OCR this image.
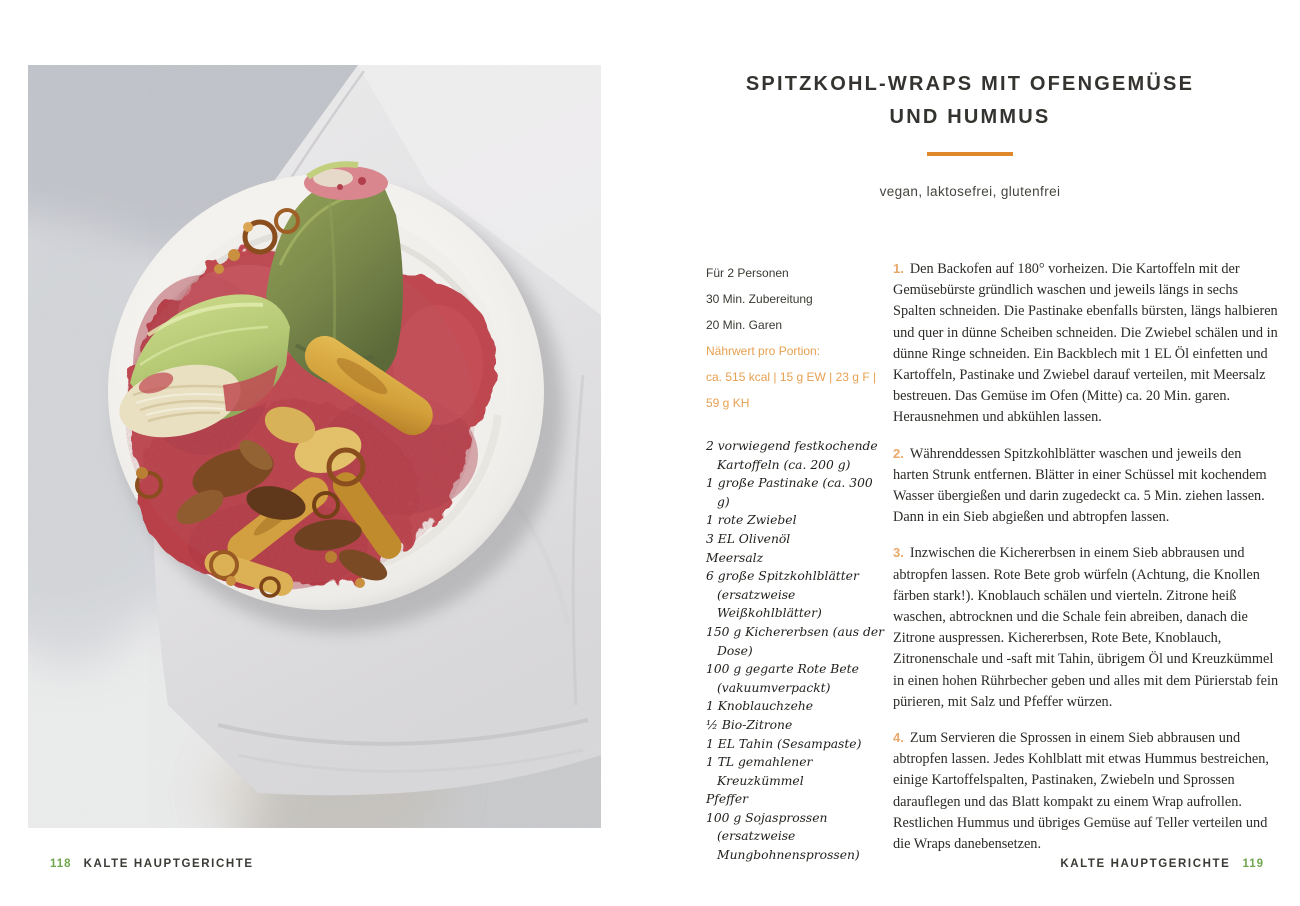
SPITZKOHL-WRAPS MIT OFENGEMÜSE
UND HUMMUS
vegan, laktosefrei, glutenfrei
Für 2 Personen
30 Min. Zubereitung
20 Min. Garen
Nährwert pro Portion:
ca. 515 kcal | 15 g EW | 23 g F |
59 g KH
2 vorwiegend festkochende Kartoffeln (ca. 200 g)
1 große Pastinake (ca. 300 g)
1 rote Zwiebel
3 EL Olivenöl
Meersalz
6 große Spitzkohlblätter (ersatzweise Weißkohlblätter)
150 g Kichererbsen (aus der Dose)
100 g gegarte Rote Bete (vakuumverpackt)
1 Knoblauchzehe
½ Bio-Zitrone
1 EL Tahin (Sesampaste)
1 TL gemahlener Kreuzkümmel
Pfeffer
100 g Sojasprossen (ersatzweise Mungbohnensprossen)

1. Den Backofen auf 180° vorheizen. Die Kartoffeln mit der Gemüsebürste gründlich waschen und jeweils längs in sechs Spalten schneiden. Die Pastinake ebenfalls bürsten, längs halbieren und quer in dünne Scheiben schneiden. Die Zwiebel schälen und in dünne Ringe schneiden. Ein Backblech mit 1 EL Öl einfetten und Kartoffeln, Pastinake und Zwiebel darauf verteilen, mit Meersalz bestreuen. Das Gemüse im Ofen (Mitte) ca. 20 Min. garen. Herausnehmen und abkühlen lassen.

2. Währenddessen Spitzkohlblätter waschen und jeweils den harten Strunk entfernen. Blätter in einer Schüssel mit kochendem Wasser übergießen und darin zugedeckt ca. 5 Min. ziehen lassen. Dann in ein Sieb abgießen und abtropfen lassen.

3. Inzwischen die Kichererbsen in einem Sieb abbrausen und abtropfen lassen. Rote Bete grob würfeln (Achtung, die Knollen färben stark!). Knoblauch schälen und vierteln. Zitrone heiß waschen, abtrocknen und die Schale fein abreiben, danach die Zitrone auspressen. Kichererbsen, Rote Bete, Knoblauch, Zitronenschale und -saft mit Tahin, übrigem Öl und Kreuzkümmel in einen hohen Rührbecher geben und alles mit dem Pürierstab fein pürieren, mit Salz und Pfeffer würzen.

4. Zum Servieren die Sprossen in einem Sieb abbrausen und abtropfen lassen. Jedes Kohlblatt mit etwas Hummus bestreichen, einige Kartoffelspalten, Pastinaken, Zwiebeln und Sprossen darauflegen und das Blatt kompakt zu einem Wrap aufrollen. Restlichen Hummus und übriges Gemüse auf Teller verteilen und die Wraps danebensetzen.

118 KALTE HAUPTGERICHTE	KALTE HAUPTGERICHTE 119
